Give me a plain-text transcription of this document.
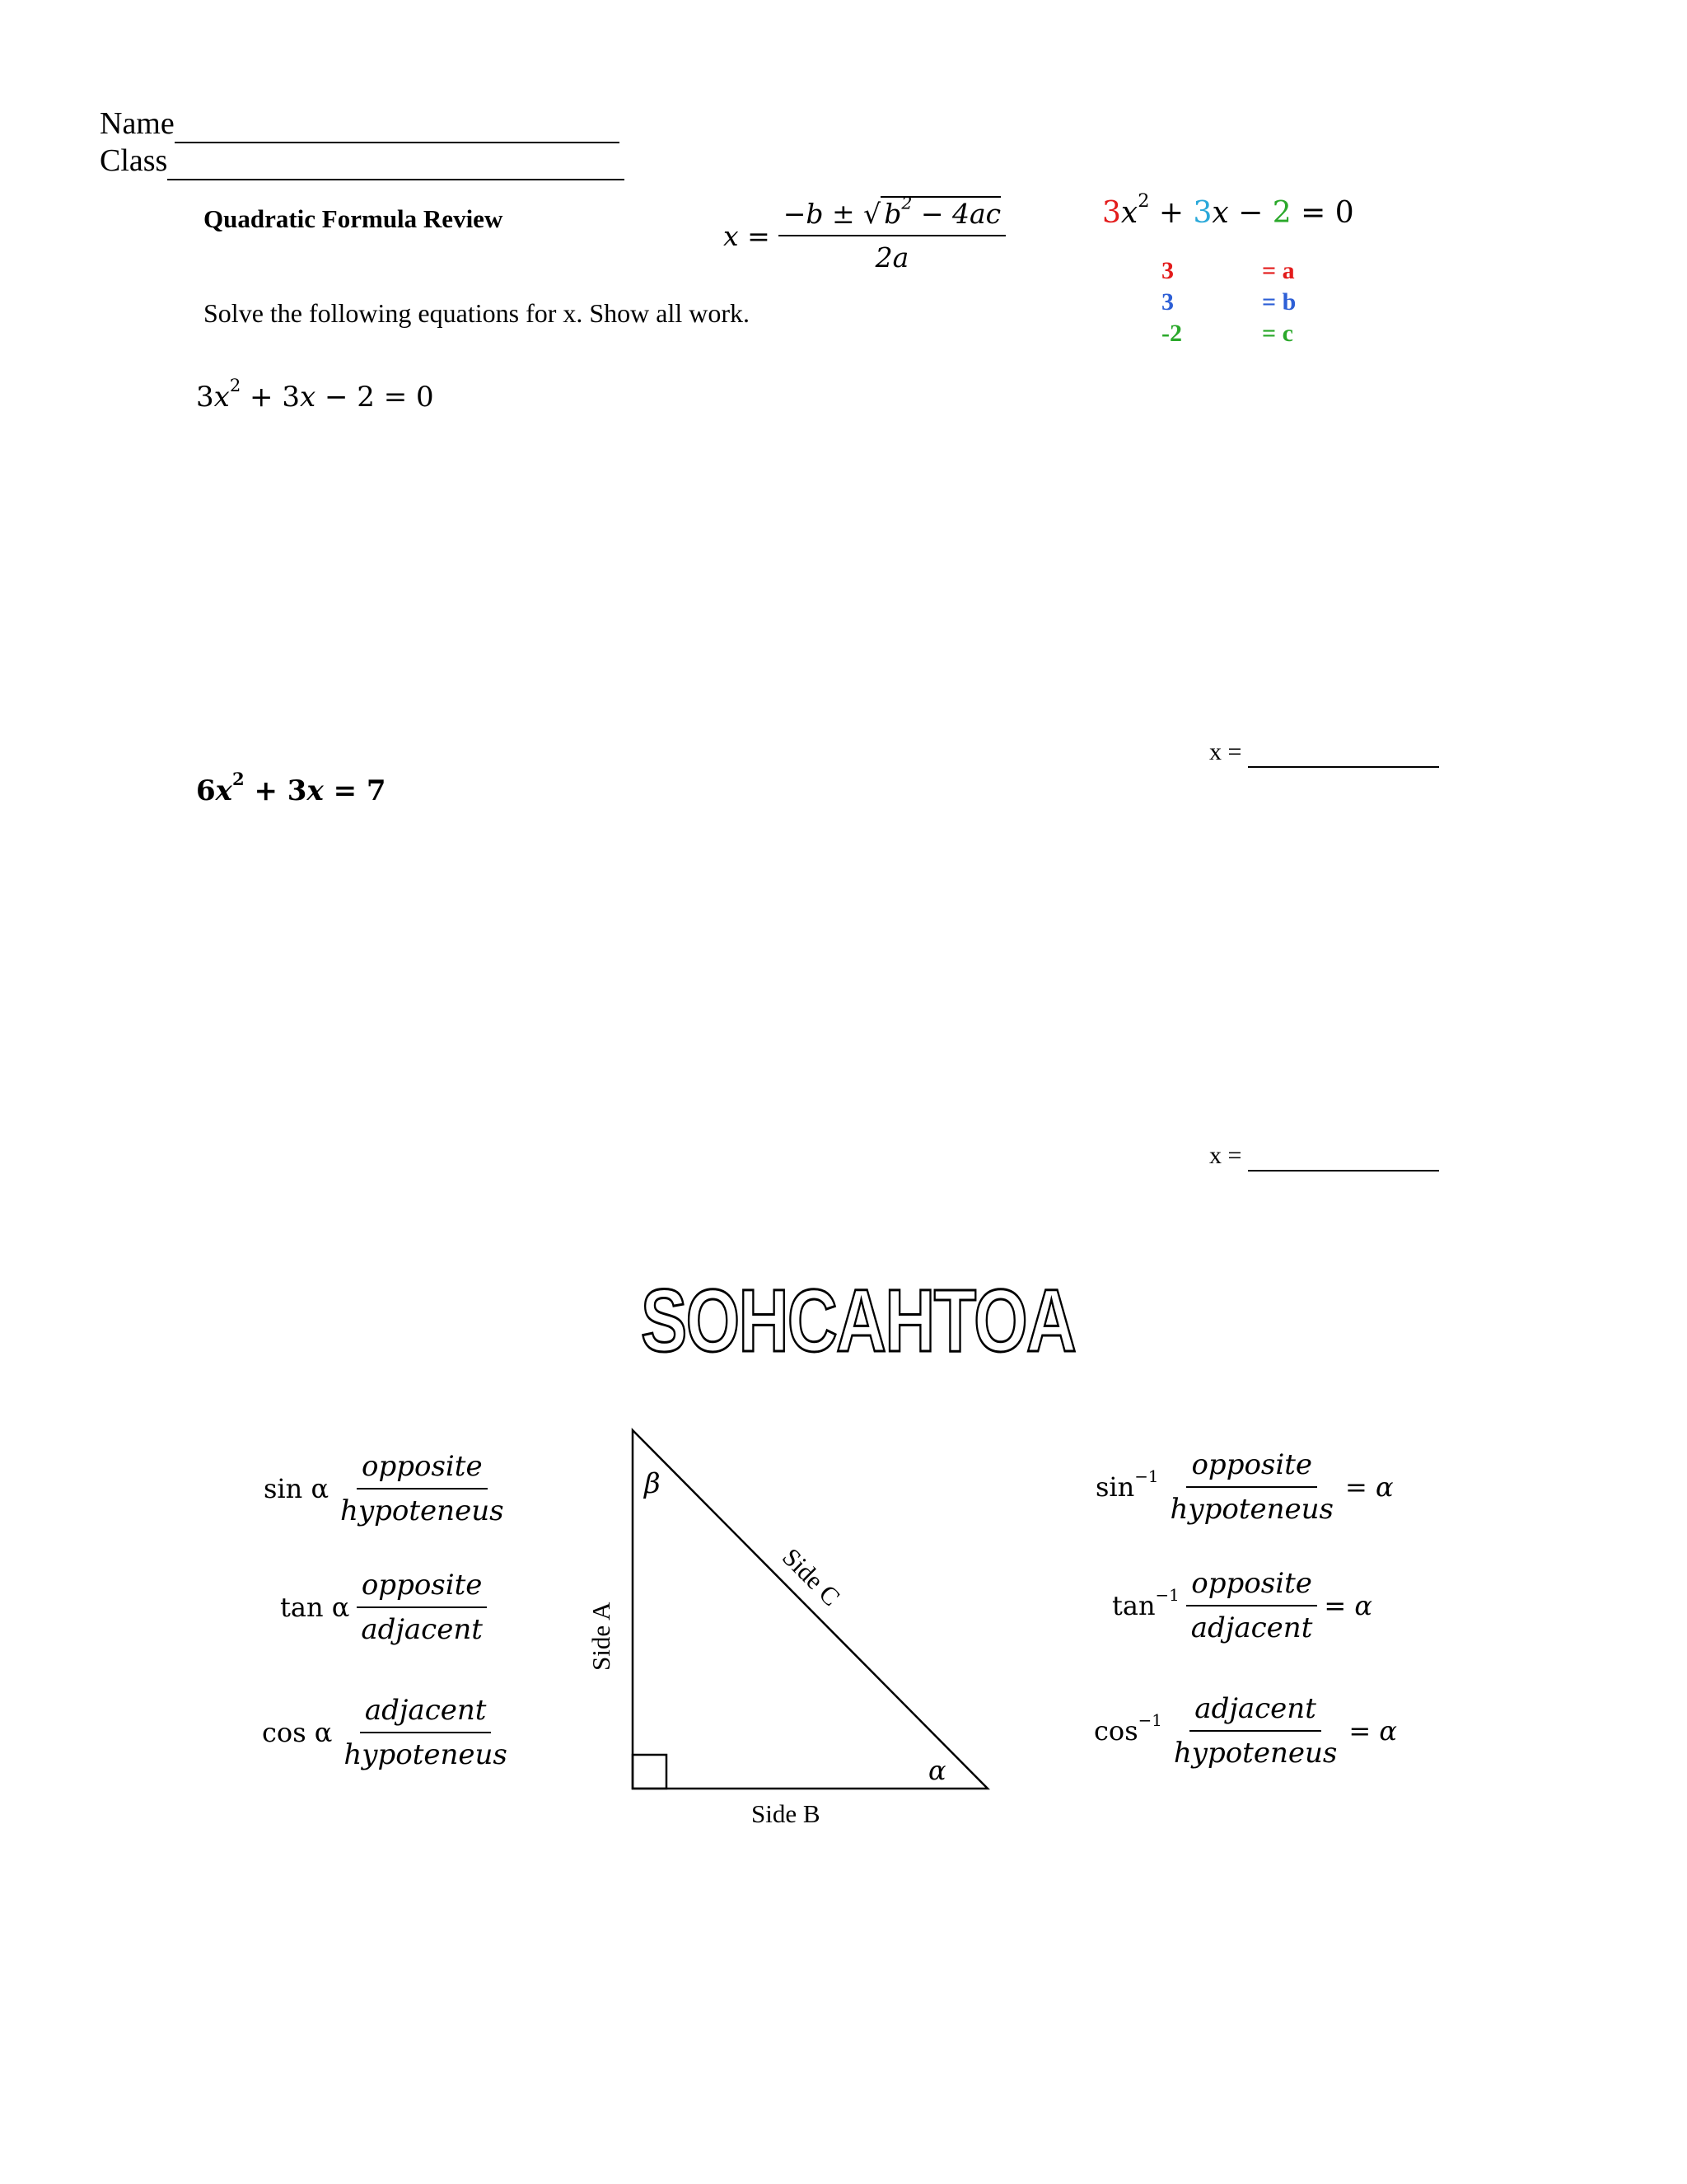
Name
Class
Quadratic Formula Review
Solve the following equations for x. Show all work.
$x = \frac{-b \pm √ b^2 - 4ac}{2a}$	$3x^2 + 3x - 2 = 0$
3	= a
3	= b
-2	= c
$3x^2 + 3x - 2 = 0$
x =
$6x^2 + 3x = 7$
x =
SOHCAHTOA
sin α $\frac{\text{opposite}}{\text{hypoteneus}}$
tan α $\frac{\text{opposite}}{\text{adjacent}}$
cos α $\frac{\text{adjacent}}{\text{hypoteneus}}$
β
α
Side A
Side B
Side C
$\sin^{-1} \frac{\text{opposite}}{\text{hypoteneus}} = \alpha$
$\tan^{-1} \frac{\text{opposite}}{\text{adjacent}} = \alpha$
$\cos^{-1} \frac{\text{adjacent}}{\text{hypoteneus}} = \alpha$
